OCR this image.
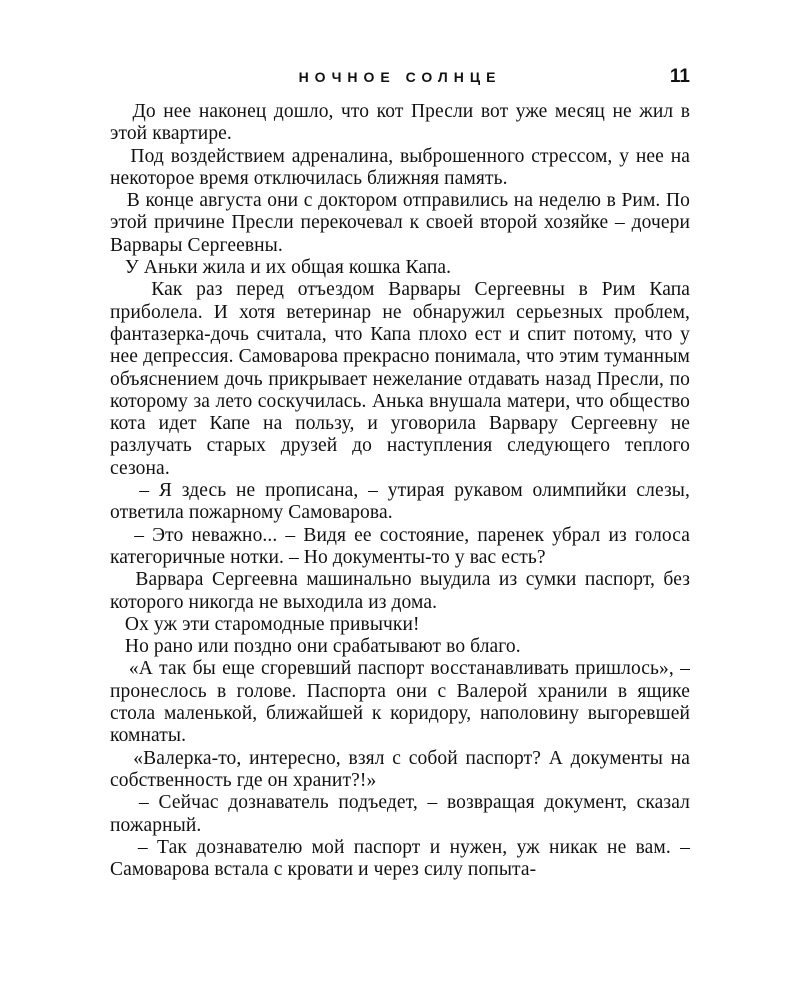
НОЧНОЕ СОЛНЦЕ	11

До нее наконец дошло, что кот Пресли вот уже месяц не жил в этой квартире.

Под воздействием адреналина, выброшенного стрессом, у нее на некоторое время отключилась ближняя память.

В конце августа они с доктором отправились на неделю в Рим. По этой причине Пресли перекочевал к своей второй хозяйке – дочери Варвары Сергеевны.

У Аньки жила и их общая кошка Капа.

Как раз перед отъездом Варвары Сергеевны в Рим Капа приболела. И хотя ветеринар не обнаружил серьезных проблем, фантазерка-дочь считала, что Капа плохо ест и спит потому, что у нее депрессия. Самоварова прекрасно понимала, что этим туманным объяснением дочь прикрывает нежелание отдавать назад Пресли, по которому за лето соскучилась. Анька внушала матери, что общество кота идет Капе на пользу, и уговорила Варвару Сергеевну не разлучать старых друзей до наступления следующего теплого сезона.

– Я здесь не прописана, – утирая рукавом олимпийки слезы, ответила пожарному Самоварова.

– Это неважно... – Видя ее состояние, паренек убрал из голоса категоричные нотки. – Но документы-то у вас есть?

Варвара Сергеевна машинально выудила из сумки паспорт, без которого никогда не выходила из дома.

Ох уж эти старомодные привычки!

Но рано или поздно они срабатывают во благо.

«А так бы еще сгоревший паспорт восстанавливать пришлось», – пронеслось в голове. Паспорта они с Валерой хранили в ящике стола маленькой, ближайшей к коридору, наполовину выгоревшей комнаты.

«Валерка-то, интересно, взял с собой паспорт? А документы на собственность где он хранит?!»

– Сейчас дознаватель подъедет, – возвращая документ, сказал пожарный.

– Так дознавателю мой паспорт и нужен, уж никак не вам. – Самоварова встала с кровати и через силу попыта-
